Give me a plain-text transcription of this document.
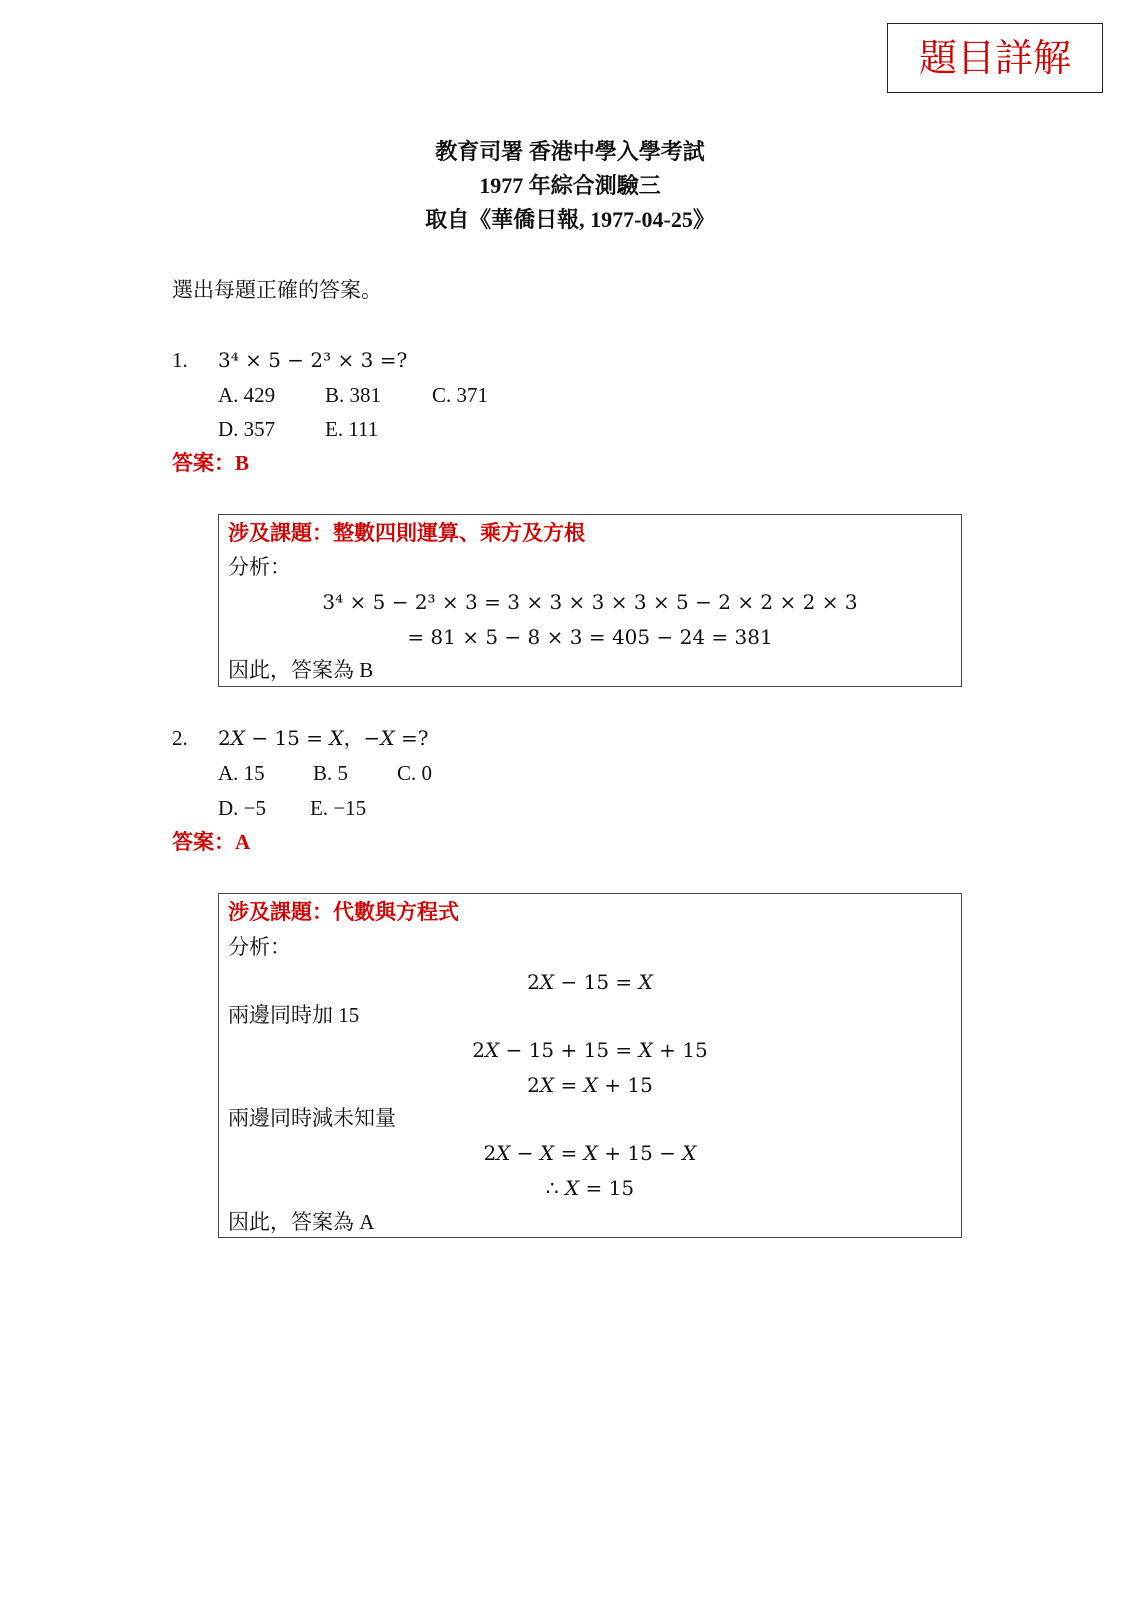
題目詳解
教育司署 香港中學入學考試
1977 年綜合測驗三
取自《華僑日報, 1977-04-25》
選出每題正確的答案。
1. 3⁴ × 5 − 2³ × 3 =?
A. 429 B. 381 C. 371
D. 357 E. 111
答案：B
涉及課題：整數四則運算、乘方及方根
分析：
3⁴ × 5 − 2³ × 3 = 3 × 3 × 3 × 3 × 5 − 2 × 2 × 2 × 3
= 81 × 5 − 8 × 3 = 405 − 24 = 381
因此，答案為 B
2. 2X − 15 = X，−X =?
A. 15 B. 5 C. 0
D. −5 E. −15
答案：A
涉及課題：代數與方程式
分析：
2X − 15 = X
兩邊同時加 15
2X − 15 + 15 = X + 15
2X = X + 15
兩邊同時減未知量
2X − X = X + 15 − X
∴ X = 15
因此，答案為 A
